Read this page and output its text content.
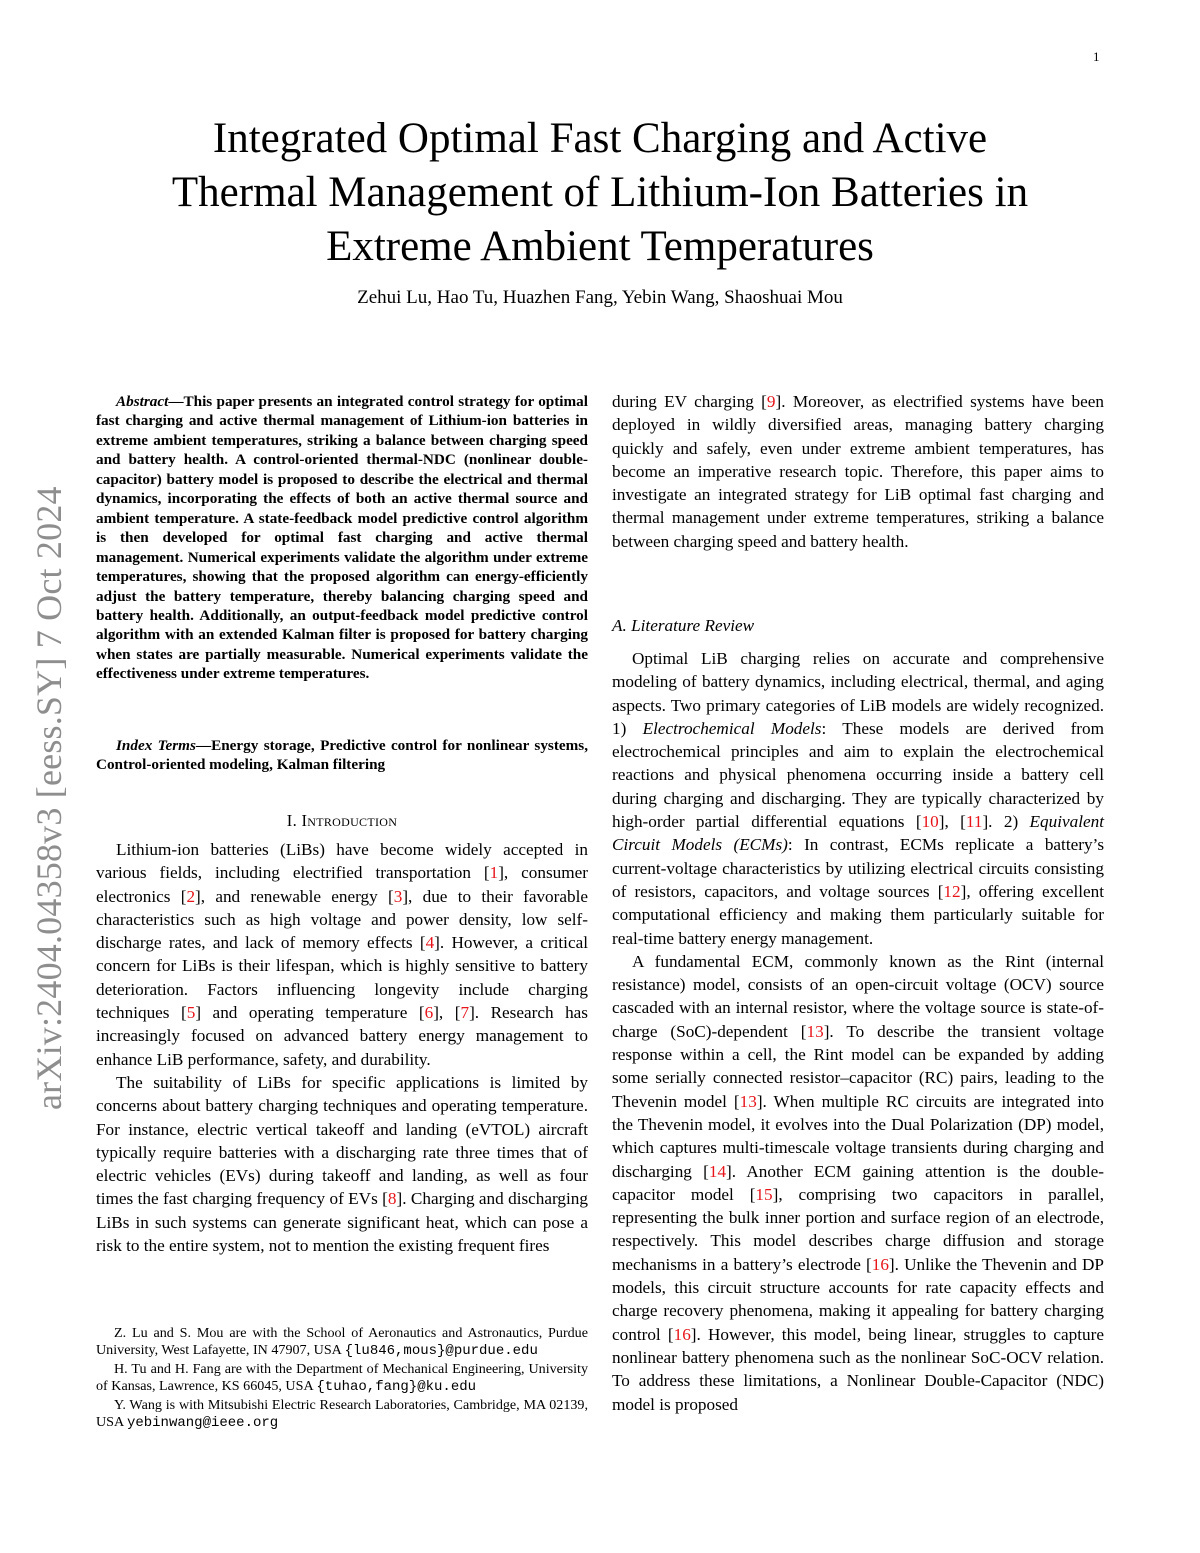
1
arXiv:2404.04358v3 [eess.SY] 7 Oct 2024
Integrated Optimal Fast Charging and Active
Thermal Management of Lithium-Ion Batteries in
Extreme Ambient Temperatures
Zehui Lu, Hao Tu, Huazhen Fang, Yebin Wang, Shaoshuai Mou
Abstract—This paper presents an integrated control strategy for optimal fast charging and active thermal management of Lithium-ion batteries in extreme ambient temperatures, striking a balance between charging speed and battery health. A control-oriented thermal-NDC (nonlinear double-capacitor) battery model is proposed to describe the electrical and thermal dynamics, incorporating the effects of both an active thermal source and ambient temperature. A state-feedback model predictive control algorithm is then developed for optimal fast charging and active thermal management. Numerical experiments validate the algorithm under extreme temperatures, showing that the proposed algorithm can energy-efficiently adjust the battery temperature, thereby balancing charging speed and battery health. Additionally, an output-feedback model predictive control algorithm with an extended Kalman filter is proposed for battery charging when states are partially measurable. Numerical experiments validate the effectiveness under extreme temperatures.
Index Terms—Energy storage, Predictive control for nonlinear systems, Control-oriented modeling, Kalman filtering
I. Introduction

Lithium-ion batteries (LiBs) have become widely accepted in various fields, including electrified transportation [1], consumer electronics [2], and renewable energy [3], due to their favorable characteristics such as high voltage and power density, low self-discharge rates, and lack of memory effects [4]. However, a critical concern for LiBs is their lifespan, which is highly sensitive to battery deterioration. Factors influencing longevity include charging techniques [5] and operating temperature [6], [7]. Research has increasingly focused on advanced battery energy management to enhance LiB performance, safety, and durability.

The suitability of LiBs for specific applications is limited by concerns about battery charging techniques and operating temperature. For instance, electric vertical takeoff and landing (eVTOL) aircraft typically require batteries with a discharging rate three times that of electric vehicles (EVs) during takeoff and landing, as well as four times the fast charging frequency of EVs [8]. Charging and discharging LiBs in such systems can generate significant heat, which can pose a risk to the entire system, not to mention the existing frequent fires

Z. Lu and S. Mou are with the School of Aeronautics and Astronautics, Purdue University, West Lafayette, IN 47907, USA {lu846,mous}@purdue.edu

H. Tu and H. Fang are with the Department of Mechanical Engineering, University of Kansas, Lawrence, KS 66045, USA {tuhao,fang}@ku.edu

Y. Wang is with Mitsubishi Electric Research Laboratories, Cambridge, MA 02139, USA yebinwang@ieee.org

during EV charging [9]. Moreover, as electrified systems have been deployed in wildly diversified areas, managing battery charging quickly and safely, even under extreme ambient temperatures, has become an imperative research topic. Therefore, this paper aims to investigate an integrated strategy for LiB optimal fast charging and thermal management under extreme temperatures, striking a balance between charging speed and battery health.

A. Literature Review

Optimal LiB charging relies on accurate and comprehensive modeling of battery dynamics, including electrical, thermal, and aging aspects. Two primary categories of LiB models are widely recognized. 1) Electrochemical Models: These models are derived from electrochemical principles and aim to explain the electrochemical reactions and physical phenomena occurring inside a battery cell during charging and discharging. They are typically characterized by high-order partial differential equations [10], [11]. 2) Equivalent Circuit Models (ECMs): In contrast, ECMs replicate a battery’s current-voltage characteristics by utilizing electrical circuits consisting of resistors, capacitors, and voltage sources [12], offering excellent computational efficiency and making them particularly suitable for real-time battery energy management.

A fundamental ECM, commonly known as the Rint (internal resistance) model, consists of an open-circuit voltage (OCV) source cascaded with an internal resistor, where the voltage source is state-of-charge (SoC)-dependent [13]. To describe the transient voltage response within a cell, the Rint model can be expanded by adding some serially connected resistor–capacitor (RC) pairs, leading to the Thevenin model [13]. When multiple RC circuits are integrated into the Thevenin model, it evolves into the Dual Polarization (DP) model, which captures multi-timescale voltage transients during charging and discharging [14]. Another ECM gaining attention is the double-capacitor model [15], comprising two capacitors in parallel, representing the bulk inner portion and surface region of an electrode, respectively. This model describes charge diffusion and storage mechanisms in a battery’s electrode [16]. Unlike the Thevenin and DP models, this circuit structure accounts for rate capacity effects and charge recovery phenomena, making it appealing for battery charging control [16]. However, this model, being linear, struggles to capture nonlinear battery phenomena such as the nonlinear SoC-OCV relation. To address these limitations, a Nonlinear Double-Capacitor (NDC) model is proposed
